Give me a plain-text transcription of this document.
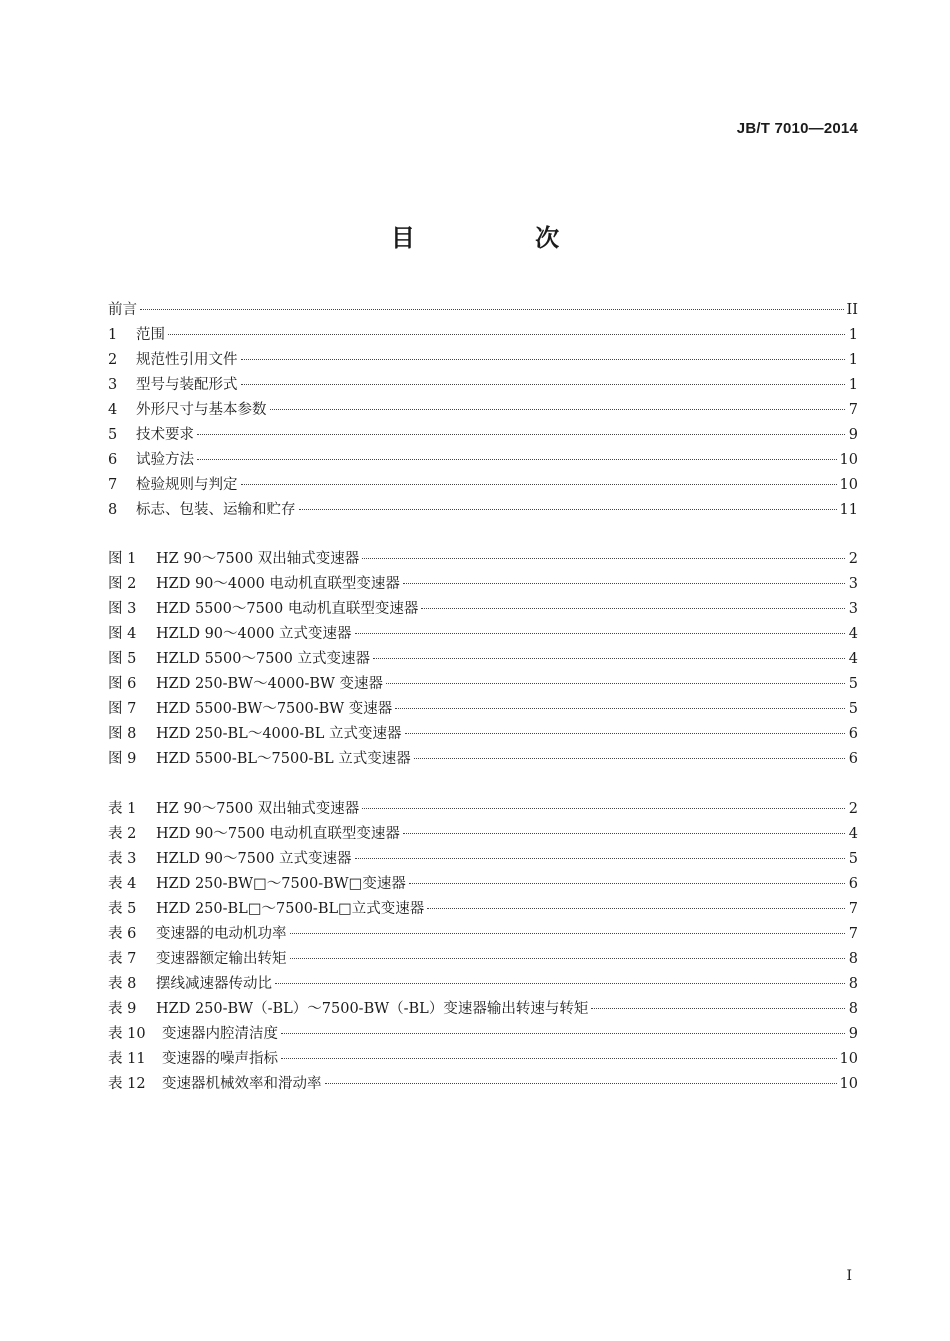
JB/T 7010—2014
目 次
前言	II
1	范围	1
2	规范性引用文件	1
3	型号与装配形式	1
4	外形尺寸与基本参数	7
5	技术要求	9
6	试验方法	10
7	检验规则与判定	10
8	标志、包装、运输和贮存	11
图 1	HZ 90～7500 双出轴式变速器	2
图 2	HZD 90～4000 电动机直联型变速器	3
图 3	HZD 5500～7500 电动机直联型变速器	3
图 4	HZLD 90～4000 立式变速器	4
图 5	HZLD 5500～7500 立式变速器	4
图 6	HZD 250-BW～4000-BW 变速器	5
图 7	HZD 5500-BW～7500-BW 变速器	5
图 8	HZD 250-BL～4000-BL 立式变速器	6
图 9	HZD 5500-BL～7500-BL 立式变速器	6
表 1	HZ 90～7500 双出轴式变速器	2
表 2	HZD 90～7500 电动机直联型变速器	4
表 3	HZLD 90～7500 立式变速器	5
表 4	HZD 250-BW□～7500-BW□变速器	6
表 5	HZD 250-BL□～7500-BL□立式变速器	7
表 6	变速器的电动机功率	7
表 7	变速器额定输出转矩	8
表 8	摆线减速器传动比	8
表 9	HZD 250-BW（-BL）～7500-BW（-BL）变速器输出转速与转矩	8
表 10	变速器内腔清洁度	9
表 11	变速器的噪声指标	10
表 12	变速器机械效率和滑动率	10
I
